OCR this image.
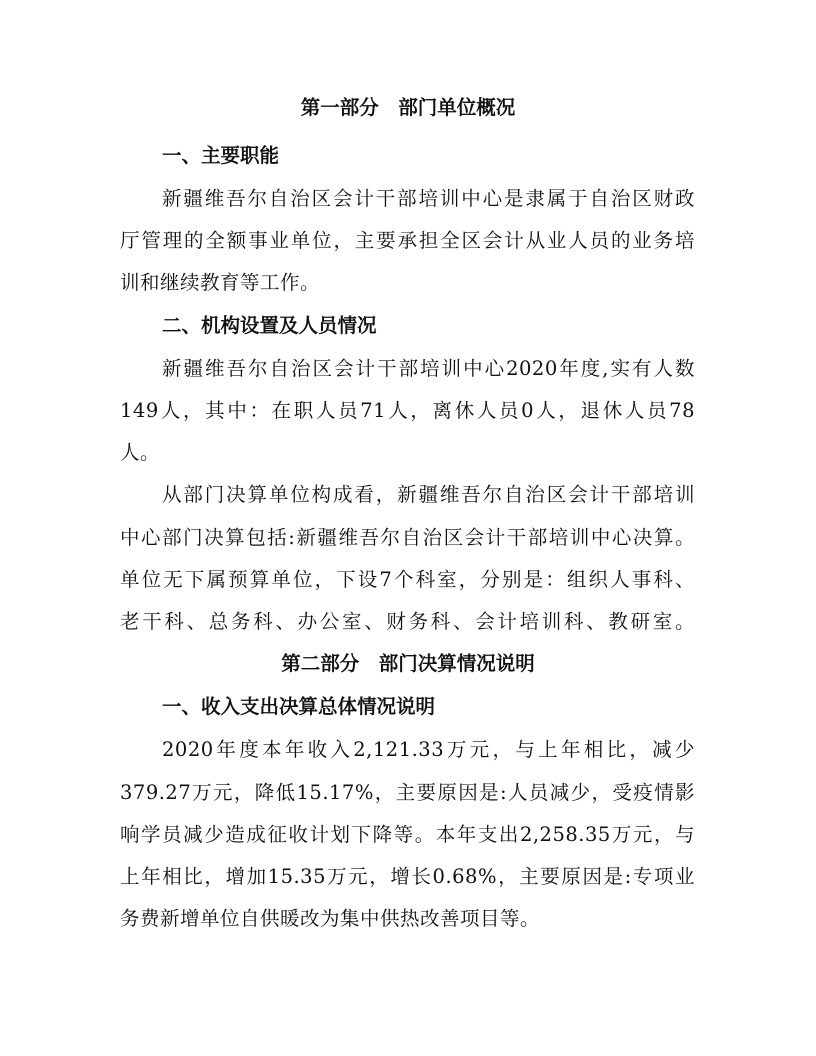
第一部分　部门单位概况
一、主要职能
新疆维吾尔自治区会计干部培训中心是隶属于自治区财政
厅管理的全额事业单位，主要承担全区会计从业人员的业务培
训和继续教育等工作。
二、机构设置及人员情况
新疆维吾尔自治区会计干部培训中心2020年度,实有人数
149人，其中：在职人员71人，离休人员0人，退休人员78
人。
从部门决算单位构成看，新疆维吾尔自治区会计干部培训
中心部门决算包括:新疆维吾尔自治区会计干部培训中心决算。
单位无下属预算单位，下设7个科室，分别是：组织人事科、
老干科、总务科、办公室、财务科、会计培训科、教研室。
第二部分　部门决算情况说明
一、收入支出决算总体情况说明
2020年度本年收入2,121.33万元，与上年相比，减少
379.27万元，降低15.17%，主要原因是:人员减少，受疫情影
响学员减少造成征收计划下降等。本年支出2,258.35万元，与
上年相比，增加15.35万元，增长0.68%，主要原因是:专项业
务费新增单位自供暖改为集中供热改善项目等。
